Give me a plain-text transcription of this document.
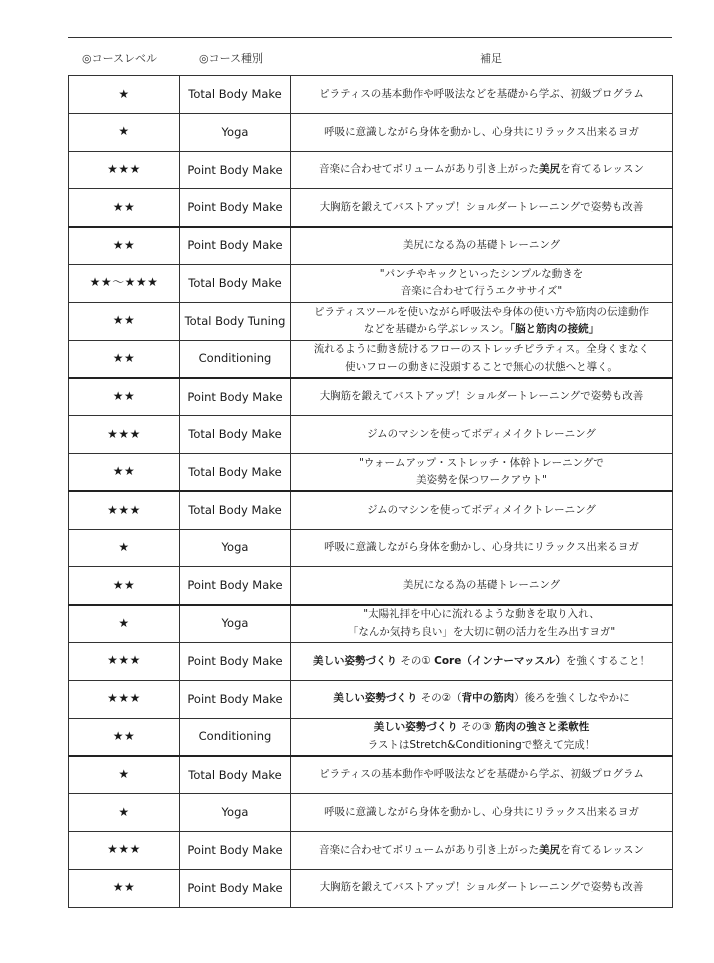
◎コースレベル	◎コース種別	補足
★	Total Body Make	ピラティスの基本動作や呼吸法などを基礎から学ぶ、初級プログラム

★	Yoga	呼吸に意識しながら身体を動かし、心身共にリラックス出来るヨガ

★★★	Point Body Make	音楽に合わせてボリュームがあり引き上がった美尻を育てるレッスン

★★	Point Body Make	大胸筋を鍛えてバストアップ！ショルダートレーニングで姿勢も改善

★★	Point Body Make	美尻になる為の基礎トレーニング

★★〜★★★	Total Body Make	"パンチやキックといったシンプルな動きを
音楽に合わせて行うエクササイズ"

★★	Total Body Tuning	ピラティスツールを使いながら呼吸法や身体の使い方や筋肉の伝達動作
などを基礎から学ぶレッスン。「脳と筋肉の接続」

★★	Conditioning	流れるように動き続けるフローのストレッチピラティス。全身くまなく
使いフローの動きに没頭することで無心の状態へと導く。

★★	Point Body Make	大胸筋を鍛えてバストアップ！ショルダートレーニングで姿勢も改善

★★★	Total Body Make	ジムのマシンを使ってボディメイクトレーニング

★★	Total Body Make	"ウォームアップ・ストレッチ・体幹トレーニングで
美姿勢を保つワークアウト"

★★★	Total Body Make	ジムのマシンを使ってボディメイクトレーニング

★	Yoga	呼吸に意識しながら身体を動かし、心身共にリラックス出来るヨガ

★★	Point Body Make	美尻になる為の基礎トレーニング

★	Yoga	"太陽礼拝を中心に流れるような動きを取り入れ、
「なんか気持ち良い」を大切に朝の活力を生み出すヨガ"

★★★	Point Body Make	美しい姿勢づくり その① Core（インナーマッスル）を強くすること！

★★★	Point Body Make	美しい姿勢づくり その②（背中の筋肉）後ろを強くしなやかに

★★	Conditioning	美しい姿勢づくり その③ 筋肉の強さと柔軟性
ラストはStretch&Conditioningで整えて完成！

★	Total Body Make	ピラティスの基本動作や呼吸法などを基礎から学ぶ、初級プログラム

★	Yoga	呼吸に意識しながら身体を動かし、心身共にリラックス出来るヨガ

★★★	Point Body Make	音楽に合わせてボリュームがあり引き上がった美尻を育てるレッスン

★★	Point Body Make	大胸筋を鍛えてバストアップ！ショルダートレーニングで姿勢も改善
